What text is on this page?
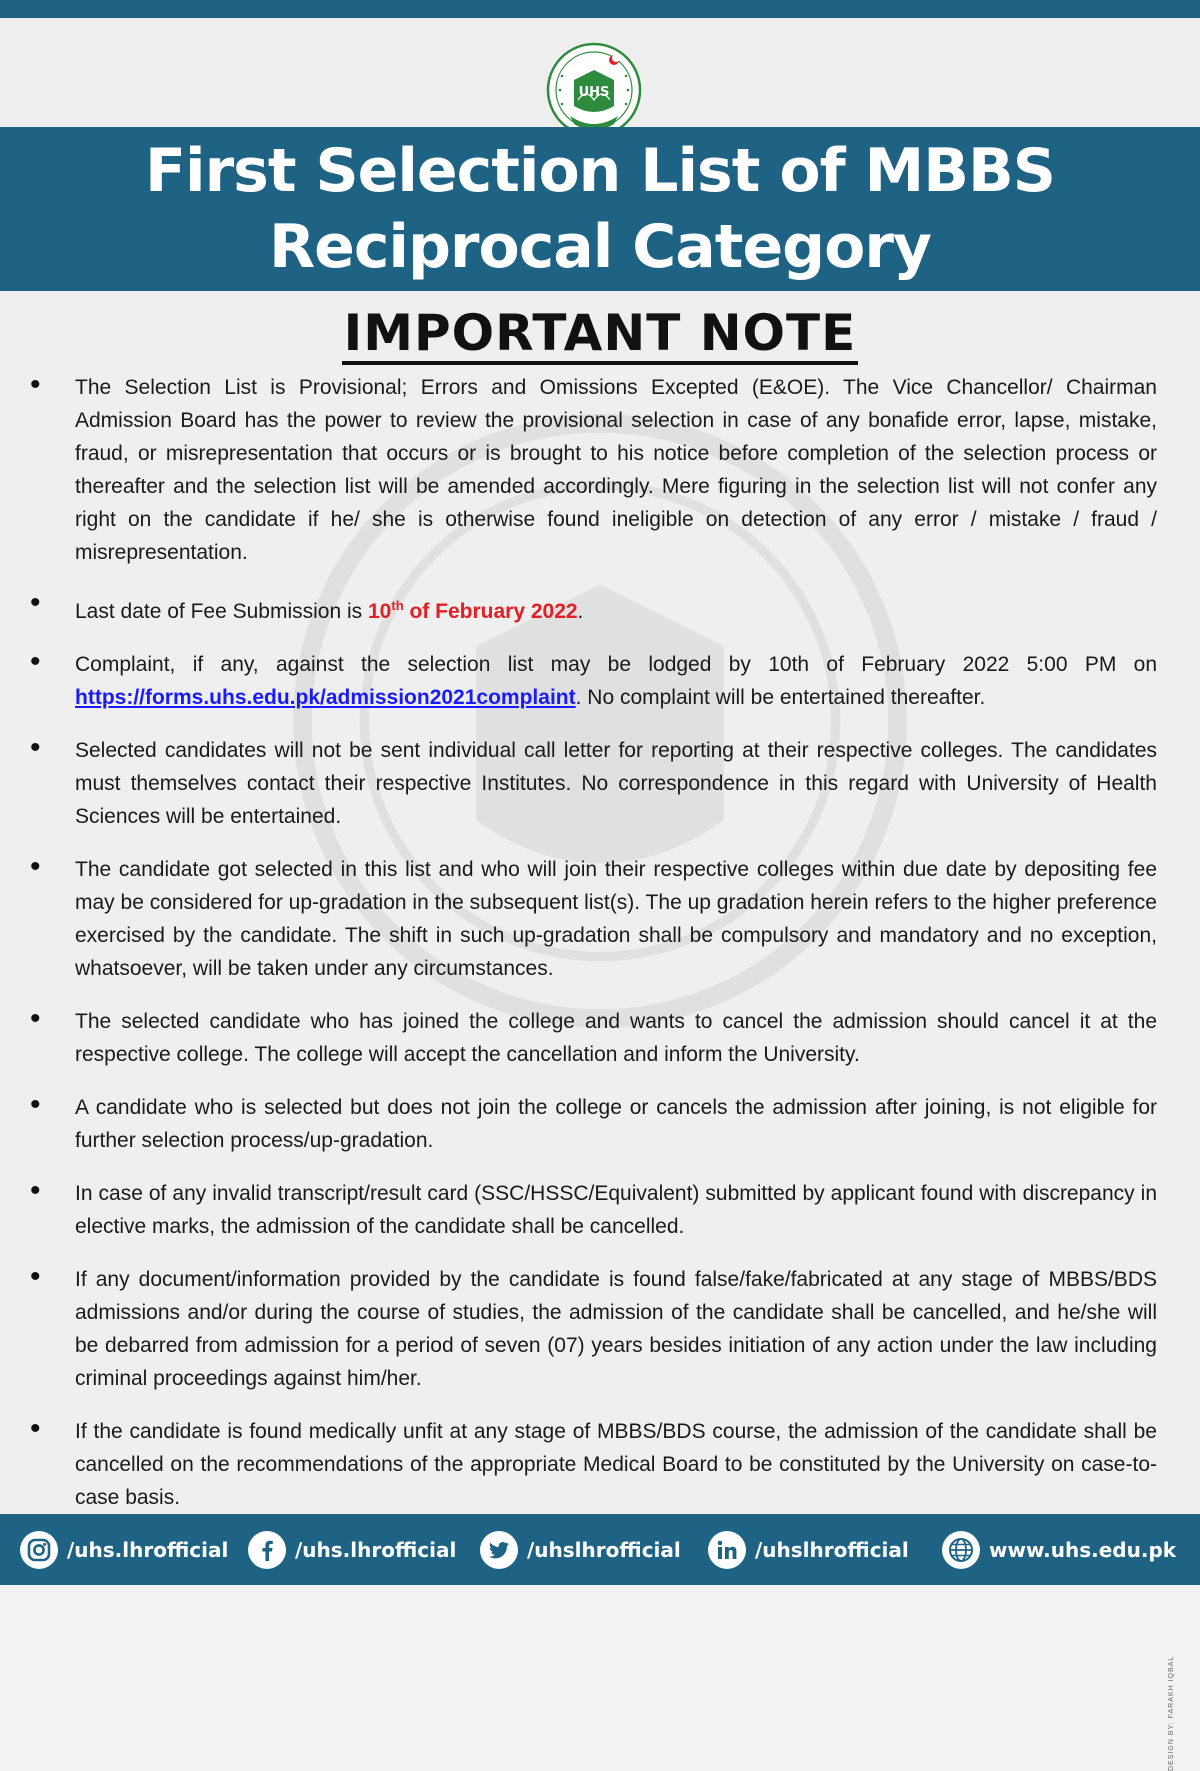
UHS
First Selection List of MBBS
Reciprocal Category
IMPORTANT NOTE
• The Selection List is Provisional; Errors and Omissions Excepted (E&OE). The Vice Chancellor/ Chairman Admission Board has the power to review the provisional selection in case of any bonafide error, lapse, mistake, fraud, or misrepresentation that occurs or is brought to his notice before completion of the selection process or thereafter and the selection list will be amended accordingly. Mere figuring in the selection list will not confer any right on the candidate if he/ she is otherwise found ineligible on detection of any error / mistake / fraud / misrepresentation.
• Last date of Fee Submission is 10th of February 2022.
• Complaint, if any, against the selection list may be lodged by 10th of February 2022 5:00 PM on https://forms.uhs.edu.pk/admission2021complaint. No complaint will be entertained thereafter.
• Selected candidates will not be sent individual call letter for reporting at their respective colleges. The candidates must themselves contact their respective Institutes. No correspondence in this regard with University of Health Sciences will be entertained.
• The candidate got selected in this list and who will join their respective colleges within due date by depositing fee may be considered for up-gradation in the subsequent list(s). The up gradation herein refers to the higher preference exercised by the candidate. The shift in such up-gradation shall be compulsory and mandatory and no exception, whatsoever, will be taken under any circumstances.
• The selected candidate who has joined the college and wants to cancel the admission should cancel it at the respective college. The college will accept the cancellation and inform the University.
• A candidate who is selected but does not join the college or cancels the admission after joining, is not eligible for further selection process/up-gradation.
• In case of any invalid transcript/result card (SSC/HSSC/Equivalent) submitted by applicant found with discrepancy in elective marks, the admission of the candidate shall be cancelled.
• If any document/information provided by the candidate is found false/fake/fabricated at any stage of MBBS/BDS admissions and/or during the course of studies, the admission of the candidate shall be cancelled, and he/she will be debarred from admission for a period of seven (07) years besides initiation of any action under the law including criminal proceedings against him/her.
• If the candidate is found medically unfit at any stage of MBBS/BDS course, the admission of the candidate shall be cancelled on the recommendations of the appropriate Medical Board to be constituted by the University on case-to-case basis.
DESIGN BY: FARAKH IQBAL
/uhs.lhrofficial	/uhs.lhrofficial	/uhslhrofficial	/uhslhrofficial	www.uhs.edu.pk
